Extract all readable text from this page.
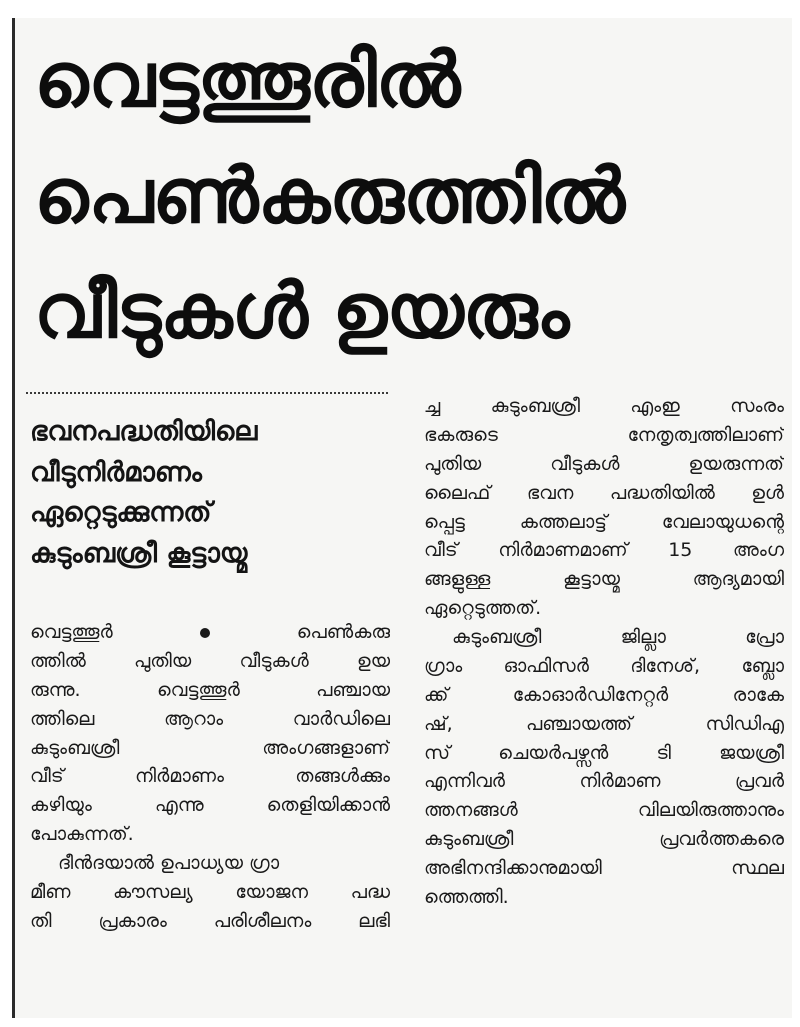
വെട്ടത്തൂരിൽ
പെൺകരുത്തിൽ
വീടുകൾ ഉയരും
ഭവനപദ്ധതിയിലെ
വീടുനിർമാണം
ഏറ്റെടുക്കുന്നത്
കുടുംബശ്രീ കൂട്ടായ്മ
വെട്ടത്തൂർ	പെൺകരു
ത്തിൽ പുതിയ വീടുകൾ ഉയ
രുന്നു. വെട്ടത്തൂർ പഞ്ചായ
ത്തിലെ ആറാം വാർഡിലെ
കുടുംബശ്രീ അംഗങ്ങളാണ്
വീട് നിർമാണം തങ്ങൾക്കും
കഴിയും എന്നു തെളിയിക്കാൻ
പോകുന്നത്.
ദീൻദയാൽ ഉപാധ്യയ ഗ്രാ
മീണ കൗസല്യ യോജന പദ്ധ
തി പ്രകാരം പരിശീലനം ലഭി
ച്ച കുടുംബശ്രീ എംഇ സംരം
ഭകരുടെ നേതൃത്വത്തിലാണ്
പുതിയ വീടുകൾ ഉയരുന്നത്
ലൈഫ് ഭവന പദ്ധതിയിൽ ഉൾ
പ്പെട്ട കത്തലാട്ട് വേലായുധന്റെ
വീട് നിർമാണമാണ് 15 അംഗ
ങ്ങളുള്ള കൂട്ടായ്മ ആദ്യമായി
ഏറ്റെടുത്തത്.
കുടുംബശ്രീ ജില്ലാ പ്രോ
ഗ്രാം ഓഫിസർ ദിനേശ്, ബ്ലോ
ക്ക് കോഓർഡിനേറ്റർ രാകേ
ഷ്, പഞ്ചായത്ത് സിഡിഎ
സ് ചെയർപഴ്സൻ ടി ജയശ്രീ
എന്നിവർ നിർമാണ പ്രവർ
ത്തനങ്ങൾ വിലയിരുത്താനും
കുടുംബശ്രീ പ്രവർത്തകരെ
അഭിനന്ദിക്കാനുമായി സ്ഥല
ത്തെത്തി.
